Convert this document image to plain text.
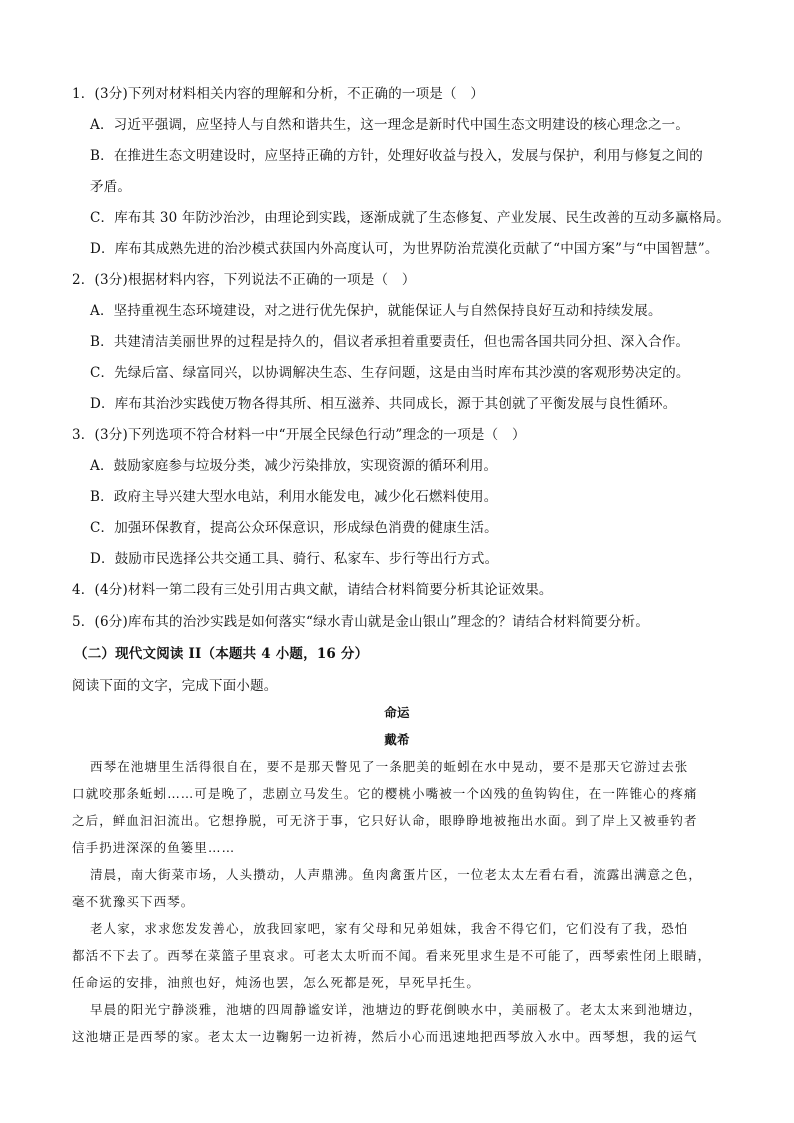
1．(3分)下列对材料相关内容的理解和分析，不正确的一项是（　）
A．习近平强调，应坚持人与自然和谐共生，这一理念是新时代中国生态文明建设的核心理念之一。
B．在推进生态文明建设时，应坚持正确的方针，处理好收益与投入，发展与保护，利用与修复之间的
矛盾。
C．库布其 30 年防沙治沙，由理论到实践，逐渐成就了生态修复、产业发展、民生改善的互动多赢格局。
D．库布其成熟先进的治沙模式获国内外高度认可，为世界防治荒漠化贡献了“中国方案”与“中国智慧”。
2．(3分)根据材料内容，下列说法不正确的一项是（　）
A．坚持重视生态环境建设，对之进行优先保护，就能保证人与自然保持良好互动和持续发展。
B．共建清洁美丽世界的过程是持久的，倡议者承担着重要责任，但也需各国共同分担、深入合作。
C．先绿后富、绿富同兴，以协调解决生态、生存问题，这是由当时库布其沙漠的客观形势决定的。
D．库布其治沙实践使万物各得其所、相互滋养、共同成长，源于其创就了平衡发展与良性循环。
3．(3分)下列选项不符合材料一中“开展全民绿色行动”理念的一项是（　）
A．鼓励家庭参与垃圾分类，减少污染排放，实现资源的循环利用。
B．政府主导兴建大型水电站，利用水能发电，减少化石燃料使用。
C．加强环保教育，提高公众环保意识，形成绿色消费的健康生活。
D．鼓励市民选择公共交通工具、骑行、私家车、步行等出行方式。
4．(4分)材料一第二段有三处引用古典文献，请结合材料简要分析其论证效果。
5．(6分)库布其的治沙实践是如何落实“绿水青山就是金山银山”理念的？请结合材料简要分析。
（二）现代文阅读 II（本题共 4 小题，16 分）
阅读下面的文字，完成下面小题。
命运
戴希
西琴在池塘里生活得很自在，要不是那天瞥见了一条肥美的蚯蚓在水中晃动，要不是那天它游过去张
口就咬那条蚯蚓……可是晚了，悲剧立马发生。它的樱桃小嘴被一个凶残的鱼钩钩住，在一阵锥心的疼痛
之后，鲜血汩汩流出。它想挣脱，可无济于事，它只好认命，眼睁睁地被拖出水面。到了岸上又被垂钓者
信手扔进深深的鱼篓里……
清晨，南大街菜市场，人头攒动，人声鼎沸。鱼肉禽蛋片区，一位老太太左看右看，流露出满意之色，
毫不犹豫买下西琴。
老人家，求求您发发善心，放我回家吧，家有父母和兄弟姐妹，我舍不得它们，它们没有了我，恐怕
都活不下去了。西琴在菜篮子里哀求。可老太太听而不闻。看来死里求生是不可能了，西琴索性闭上眼睛，
任命运的安排，油煎也好，炖汤也罢，怎么死都是死，早死早托生。
早晨的阳光宁静淡雅，池塘的四周静谧安详，池塘边的野花倒映水中，美丽极了。老太太来到池塘边，
这池塘正是西琴的家。老太太一边鞠躬一边祈祷，然后小心而迅速地把西琴放入水中。西琴想，我的运气
